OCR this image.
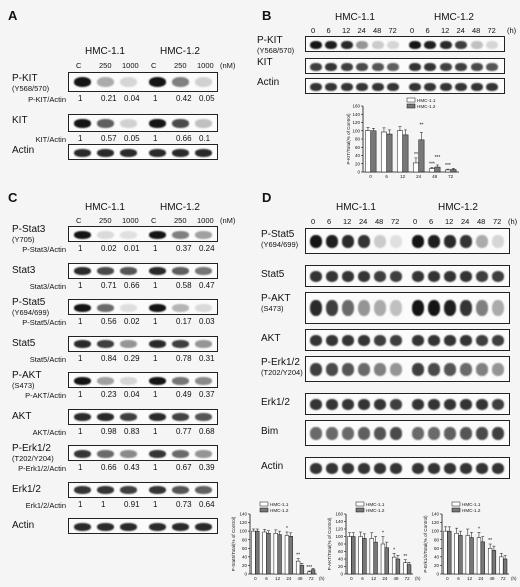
A	B
C	D
HMC-1.1	HMC-1.2
C 250 1000 C 250 1000 (nM)
P-KIT
(Y568/570)
P-KIT/Actin 1 0.21 0.04 1 0.42 0.05
KIT
KIT/Actin 1 0.57 0.05 1 0.66 0.1
Actin
HMC-1.1	HMC-1.2
0 6 12 24 48 72 0 6 12 24 48 72 (h)
P-KIT
(Y568/570)
KIT
Actin
HMC-1.1	HMC-1.2
C 250 1000 C 250 1000 (nM)
P-Stat3
(Y705)
P-Stat3/Actin 1 0.02 0.01 1 0.37 0.24
Stat3
Stat3/Actin 1 0.71 0.66 1 0.58 0.47
P-Stat5
(Y694/699)
P-Stat5/Actin 1 0.56 0.02 1 0.17 0.03
Stat5
Stat5/Actin 1 0.84 0.29 1 0.78 0.31
P-AKT
(S473)
P-AKT/Actin 1 0.23 0.04 1 0.49 0.37
AKT
AKT/Actin 1 0.98 0.83 1 0.77 0.68
P-Erk1/2
(T202/Y204)
P-Erk1/2/Actin 1 0.66 0.43 1 0.67 0.39
Erk1/2
Erk1/2/Actin 1 1 0.91 1 0.73 0.64
Actin
HMC-1.1	HMC-1.2
0 6 12 24 48 72 0 6 12 24 48 72 (h)
P-Stat5
(Y694/699)
Stat5
P-AKT
(S473)
AKT
P-Erk1/2
(T202/Y204)
Erk1/2
Bim
Actin
0
20
40
60
80
100
120
140
160
P-KIT/Total(% of Control)
0	6	12 24 48 72
**
*** ***
**
***
HMC-1.1
HMC-1.2
0
20
40
60
80
100
120
140
P-Stat5/Total(% of Control)
0 6 12 24 48 72 (h)
*
**
***
HMC-1.1
HMC-1.2
0
20
40
60
80
100
120
140
160
P-AKT/Total(% of Control)
0 6 12 24 48 72 (h)
*
*
**
HMC-1.1
HMC-1.2
0
20
40
60
80
100
120
140
P-Erk1/2/Total(% of Control)
0 6 12 24 48 72 (h)
*
**
HMC-1.1
HMC-1.2
